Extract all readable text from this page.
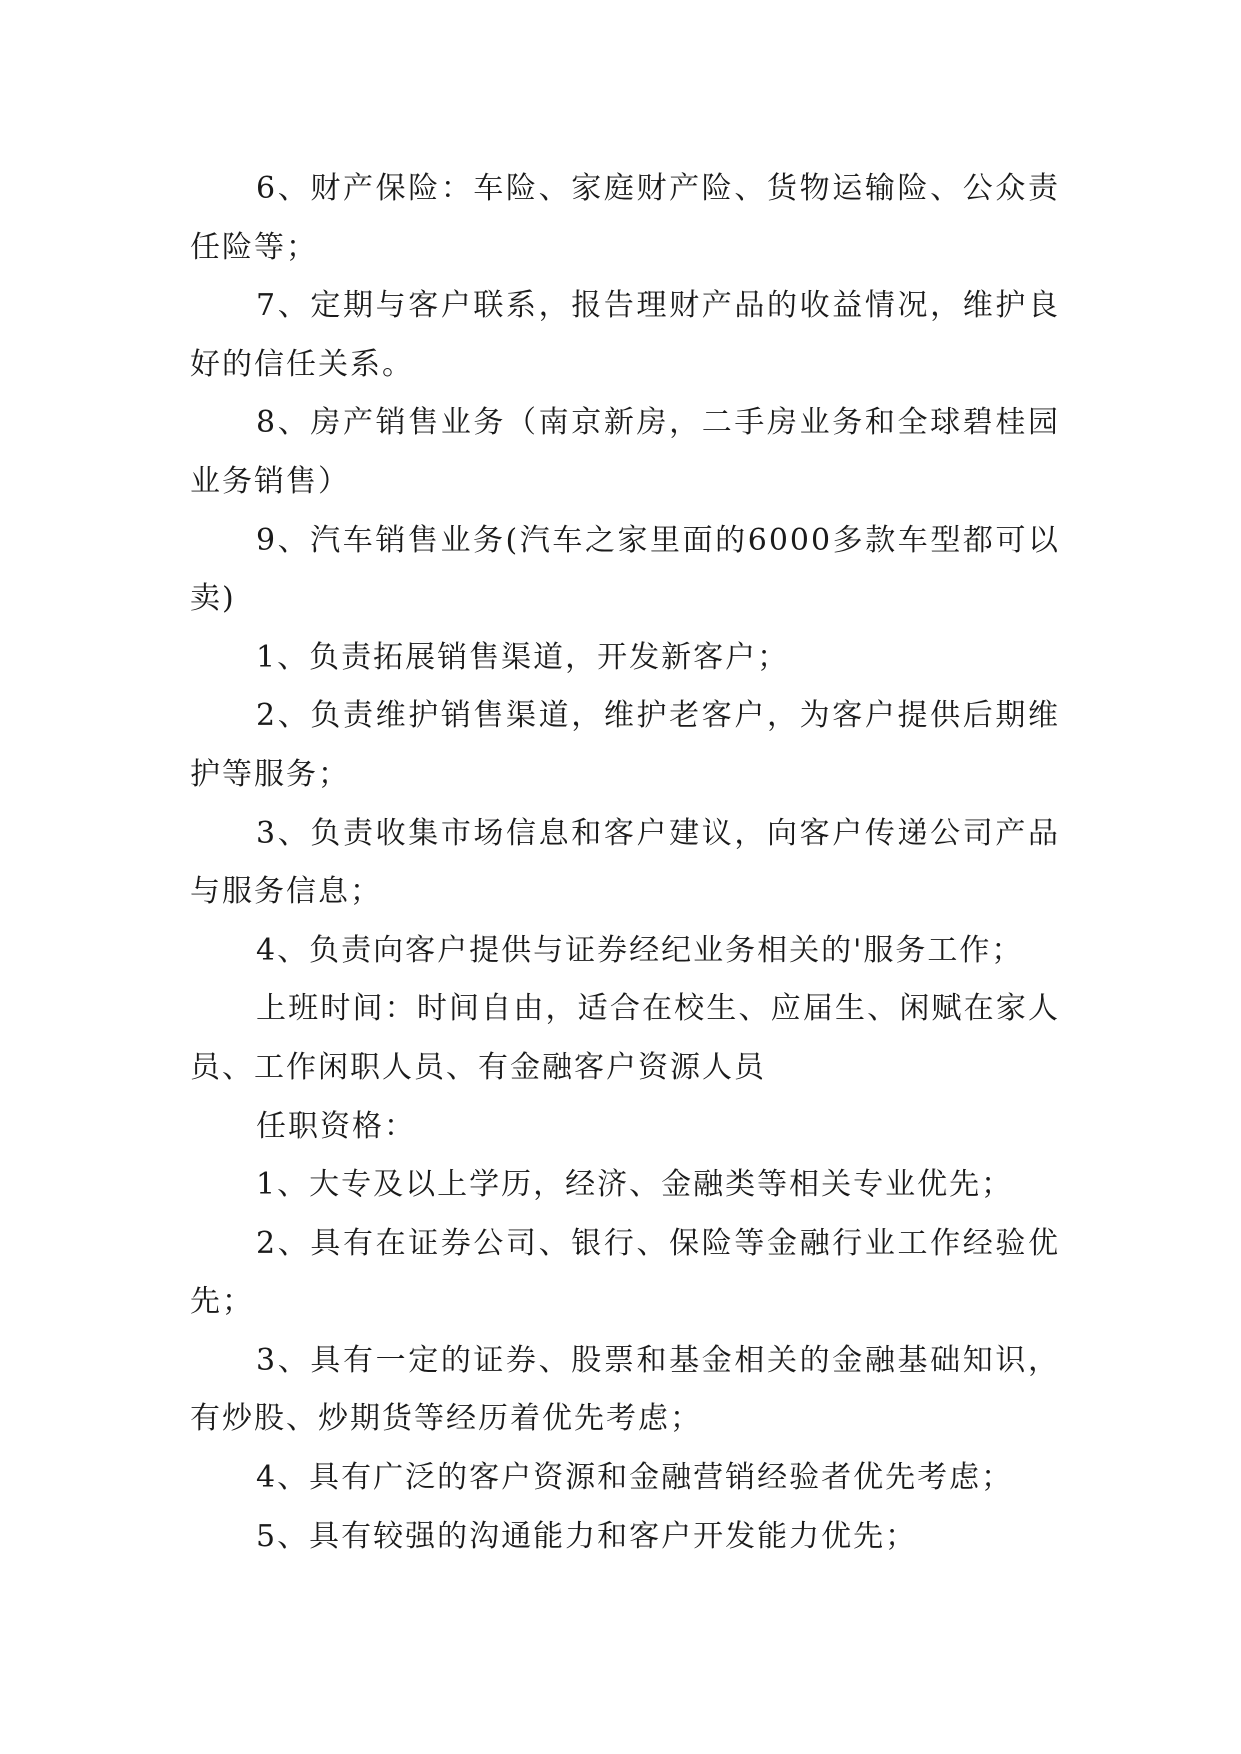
6、财产保险：车险、家庭财产险、货物运输险、公众责任险等；

7、定期与客户联系，报告理财产品的收益情况，维护良好的信任关系。

8、房产销售业务（南京新房，二手房业务和全球碧桂园业务销售）

9、汽车销售业务(汽车之家里面的6000多款车型都可以卖)

1、负责拓展销售渠道，开发新客户；

2、负责维护销售渠道，维护老客户，为客户提供后期维护等服务；

3、负责收集市场信息和客户建议，向客户传递公司产品与服务信息；

4、负责向客户提供与证券经纪业务相关的'服务工作；

上班时间：时间自由，适合在校生、应届生、闲赋在家人员、工作闲职人员、有金融客户资源人员

任职资格：

1、大专及以上学历，经济、金融类等相关专业优先；

2、具有在证券公司、银行、保险等金融行业工作经验优先；

3、具有一定的证券、股票和基金相关的金融基础知识，有炒股、炒期货等经历着优先考虑；

4、具有广泛的客户资源和金融营销经验者优先考虑；

5、具有较强的沟通能力和客户开发能力优先；
